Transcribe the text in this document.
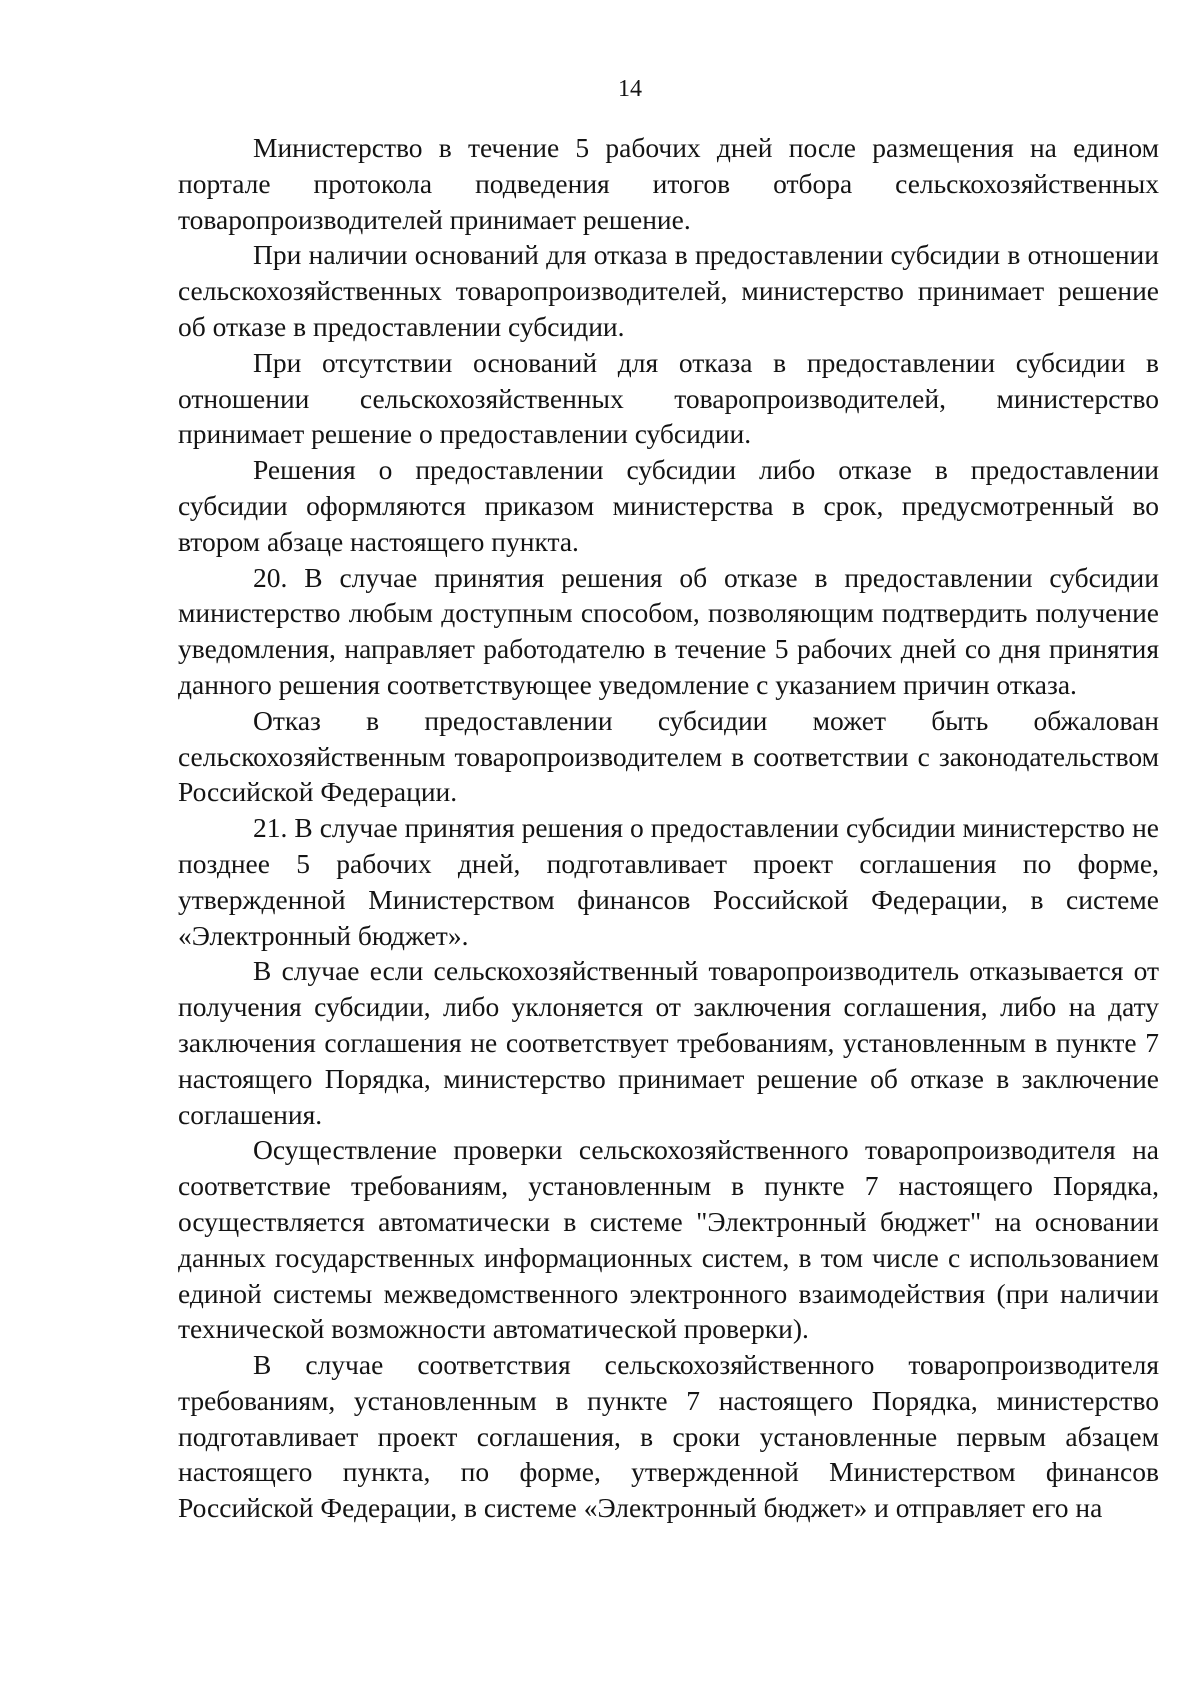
14

Министерство в течение 5 рабочих дней после размещения на едином портале протокола подведения итогов отбора сельскохозяйственных товаропроизводителей принимает решение.

При наличии оснований для отказа в предоставлении субсидии в отношении сельскохозяйственных товаропроизводителей, министерство принимает решение об отказе в предоставлении субсидии.

При отсутствии оснований для отказа в предоставлении субсидии в отношении сельскохозяйственных товаропроизводителей, министерство принимает решение о предоставлении субсидии.

Решения о предоставлении субсидии либо отказе в предоставлении субсидии оформляются приказом министерства в срок, предусмотренный во втором абзаце настоящего пункта.

20. В случае принятия решения об отказе в предоставлении субсидии министерство любым доступным способом, позволяющим подтвердить получение уведомления, направляет работодателю в течение 5 рабочих дней со дня принятия данного решения соответствующее уведомление с указанием причин отказа.

Отказ в предоставлении субсидии может быть обжалован сельскохозяйственным товаропроизводителем в соответствии с законодательством Российской Федерации.

21. В случае принятия решения о предоставлении субсидии министерство не позднее 5 рабочих дней, подготавливает проект соглашения по форме, утвержденной Министерством финансов Российской Федерации, в системе «Электронный бюджет».

В случае если сельскохозяйственный товаропроизводитель отказывается от получения субсидии, либо уклоняется от заключения соглашения, либо на дату заключения соглашения не соответствует требованиям, установленным в пункте 7 настоящего Порядка, министерство принимает решение об отказе в заключение соглашения.

Осуществление проверки сельскохозяйственного товаропроизводителя на соответствие требованиям, установленным в пункте 7 настоящего Порядка, осуществляется автоматически в системе "Электронный бюджет" на основании данных государственных информационных систем, в том числе с использованием единой системы межведомственного электронного взаимодействия (при наличии технической возможности автоматической проверки).

В случае соответствия сельскохозяйственного товаропроизводителя требованиям, установленным в пункте 7 настоящего Порядка, министерство подготавливает проект соглашения, в сроки установленные первым абзацем настоящего пункта, по форме, утвержденной Министерством финансов Российской Федерации, в системе «Электронный бюджет» и отправляет его на
